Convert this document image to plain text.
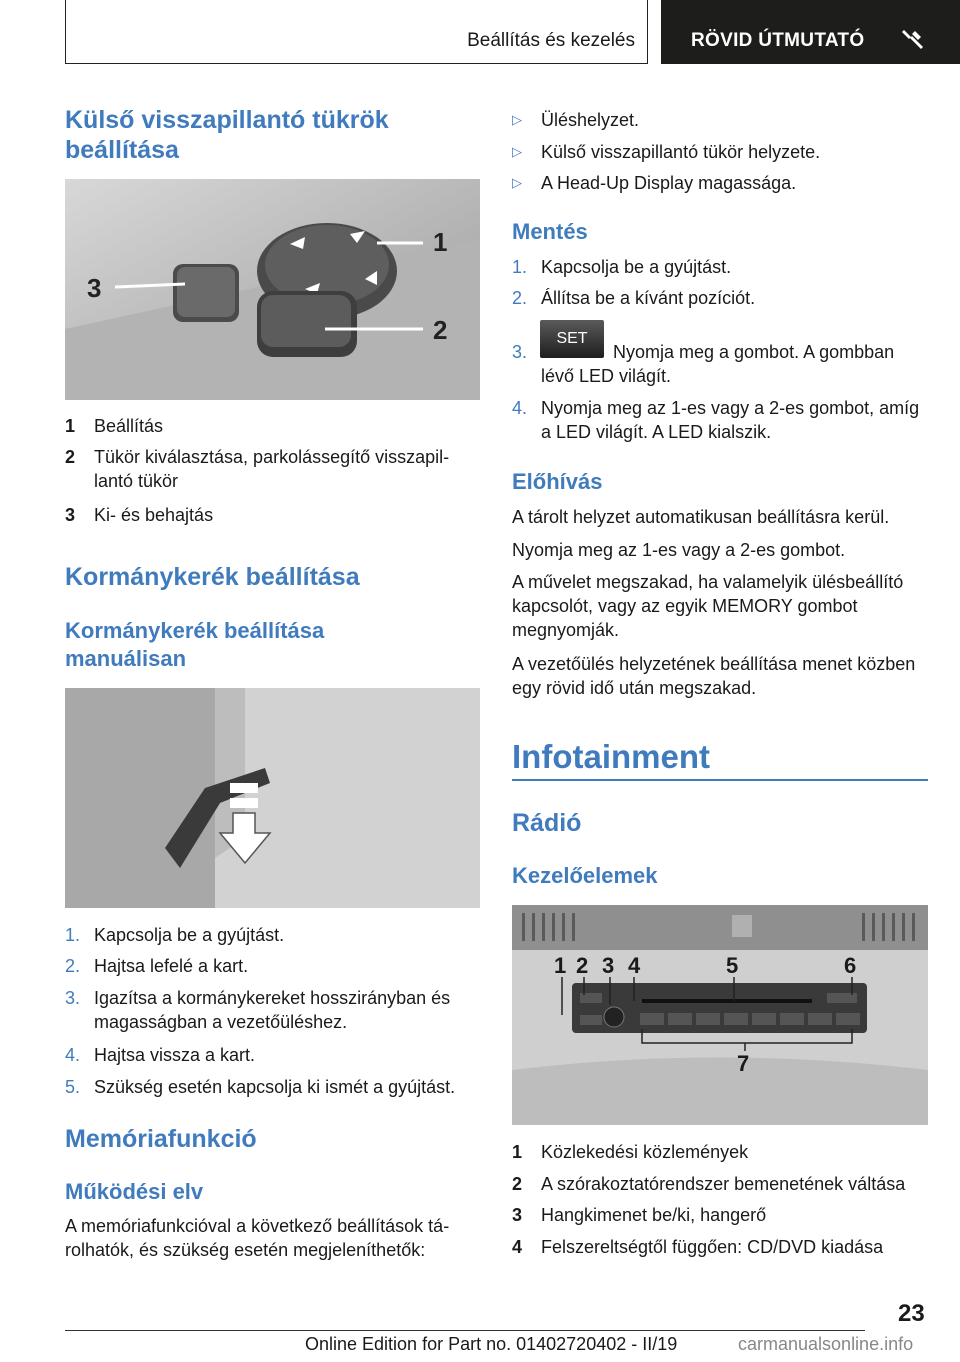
Beállítás és kezelés	RÖVID ÚTMUTATÓ
Külső visszapillantó tükrök beállítása
1
2
3
1 Beállítás
2 Tükör kiválasztása, parkolássegítő visszapillantó tükör
3 Ki- és behajtás
Kormánykerék beállítása
Kormánykerék beállítása manuálisan
1. Kapcsolja be a gyújtást.
2. Hajtsa lefelé a kart.
3. Igazítsa a kormánykereket hosszirányban és magasságban a vezetőüléshez.
4. Hajtsa vissza a kart.
5. Szükség esetén kapcsolja ki ismét a gyújtást.
Memóriafunkció
Működési elv
A memóriafunkcióval a következő beállítások tárolhatók, és szükség esetén megjeleníthetők:
▷ Üléshelyzet.
▷ Külső visszapillantó tükör helyzete.
▷ A Head-Up Display magassága.
Mentés
1. Kapcsolja be a gyújtást.
2. Állítsa be a kívánt pozíciót.
3.	Nyomja meg a gombot. A gombban lévő LED világít.
SET
4. Nyomja meg az 1-es vagy a 2-es gombot, amíg a LED világít. A LED kialszik.
Előhívás
A tárolt helyzet automatikusan beállításra kerül.
Nyomja meg az 1-es vagy a 2-es gombot.
A művelet megszakad, ha valamelyik ülésbeállító kapcsolót, vagy az egyik MEMORY gombot megnyomják.
A vezetőülés helyzetének beállítása menet közben egy rövid idő után megszakad.
Infotainment
Rádió
Kezelőelemek
1 2 3 4	5	6
7
1 Közlekedési közlemények
2 A szórakoztatórendszer bemenetének váltása
3 Hangkimenet be/ki, hangerő
4 Felszereltségtől függően: CD/DVD kiadása
23
Online Edition for Part no. 01402720402 - II/19	carmanualsonline.info
